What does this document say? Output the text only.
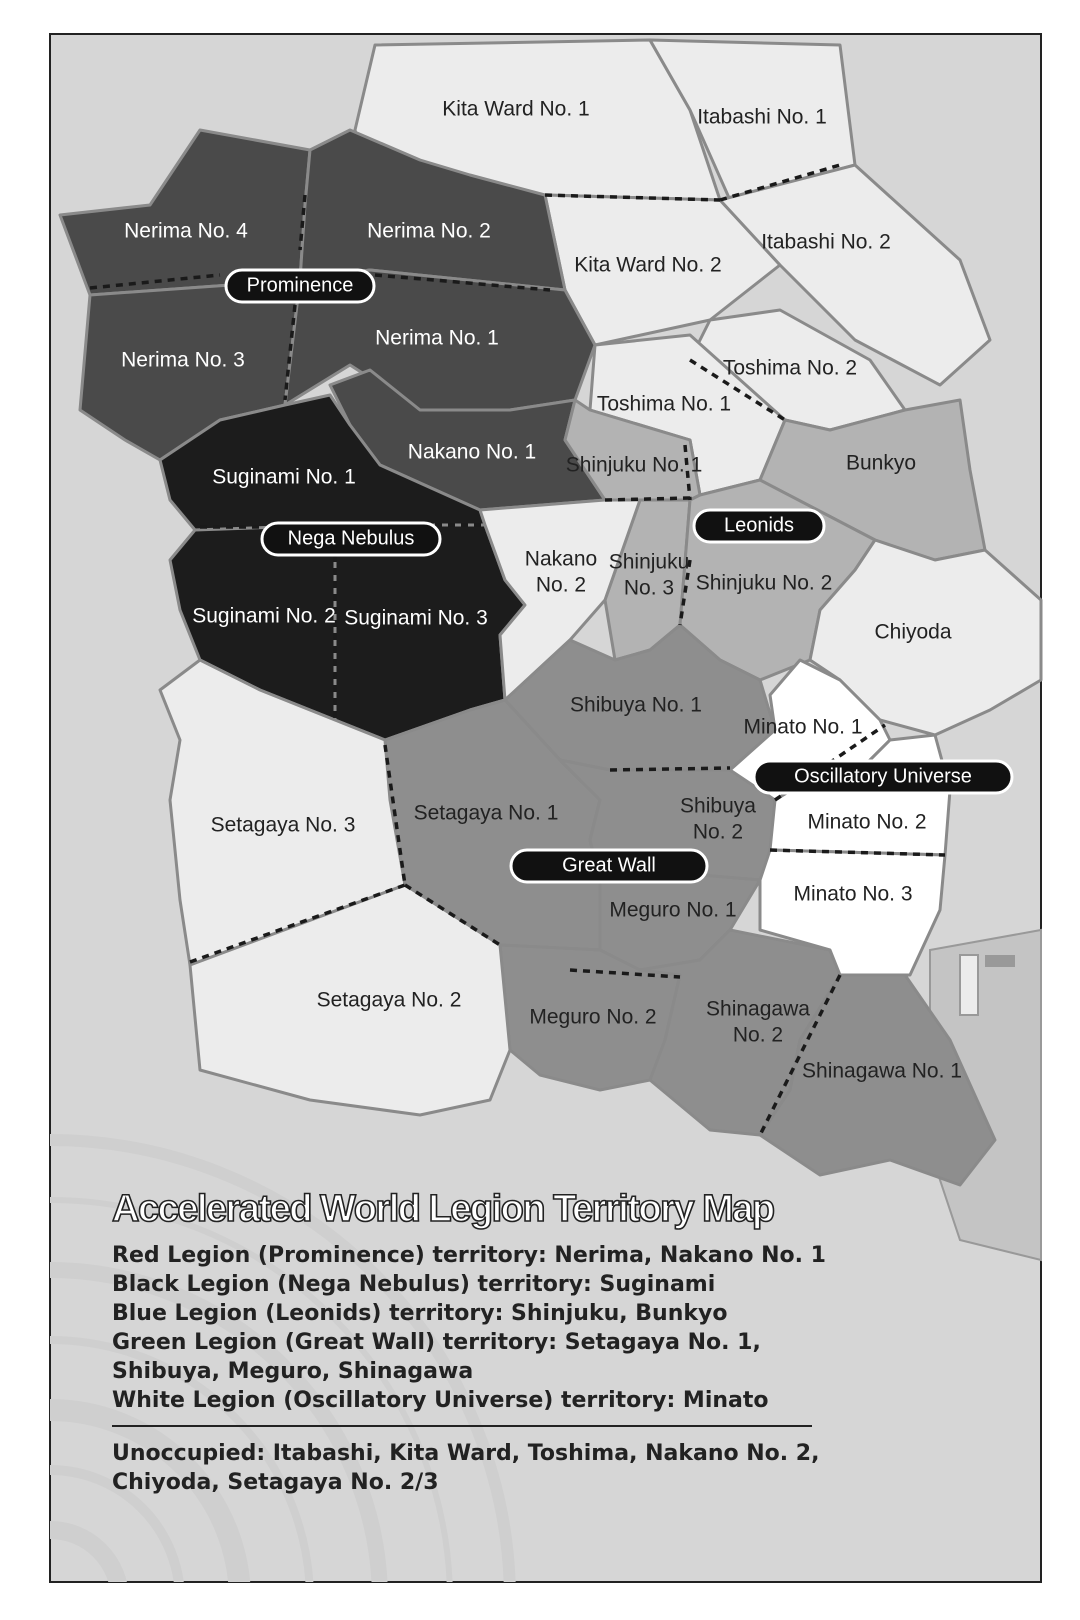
Kita Ward No. 1	Itabashi No. 1
Kita Ward No. 2
Itabashi No. 2
Nerima No. 4	Nerima No. 2
Nerima No. 3
Nerima No. 1
Toshima No. 2
Toshima No. 1
Nakano No. 1
Suginami No. 1
Shinjuku No. 1	Bunkyo
Nakano
No. 2
Shinjuku
No. 3 Shinjuku No. 2
Suginami No. 2 Suginami No. 3
Chiyoda
Shibuya No. 1
Minato No. 1
Setagaya No. 3
Setagaya No. 1	Shibuya
No. 2	Minato No. 2
Minato No. 3
Meguro No. 1
Setagaya No. 2
Meguro No. 2 Shinagawa
No. 2
Shinagawa No. 1
Prominence
Nega Nebulus
Leonids
Oscillatory Universe
Great Wall
Accelerated World Legion Territory Map

Red Legion (Prominence) territory: Nerima, Nakano No. 1

Black Legion (Nega Nebulus) territory: Suginami

Blue Legion (Leonids) territory: Shinjuku, Bunkyo

Green Legion (Great Wall) territory: Setagaya No. 1,

Shibuya, Meguro, Shinagawa

White Legion (Oscillatory Universe) territory: Minato

Unoccupied: Itabashi, Kita Ward, Toshima, Nakano No. 2,

Chiyoda, Setagaya No. 2/3
